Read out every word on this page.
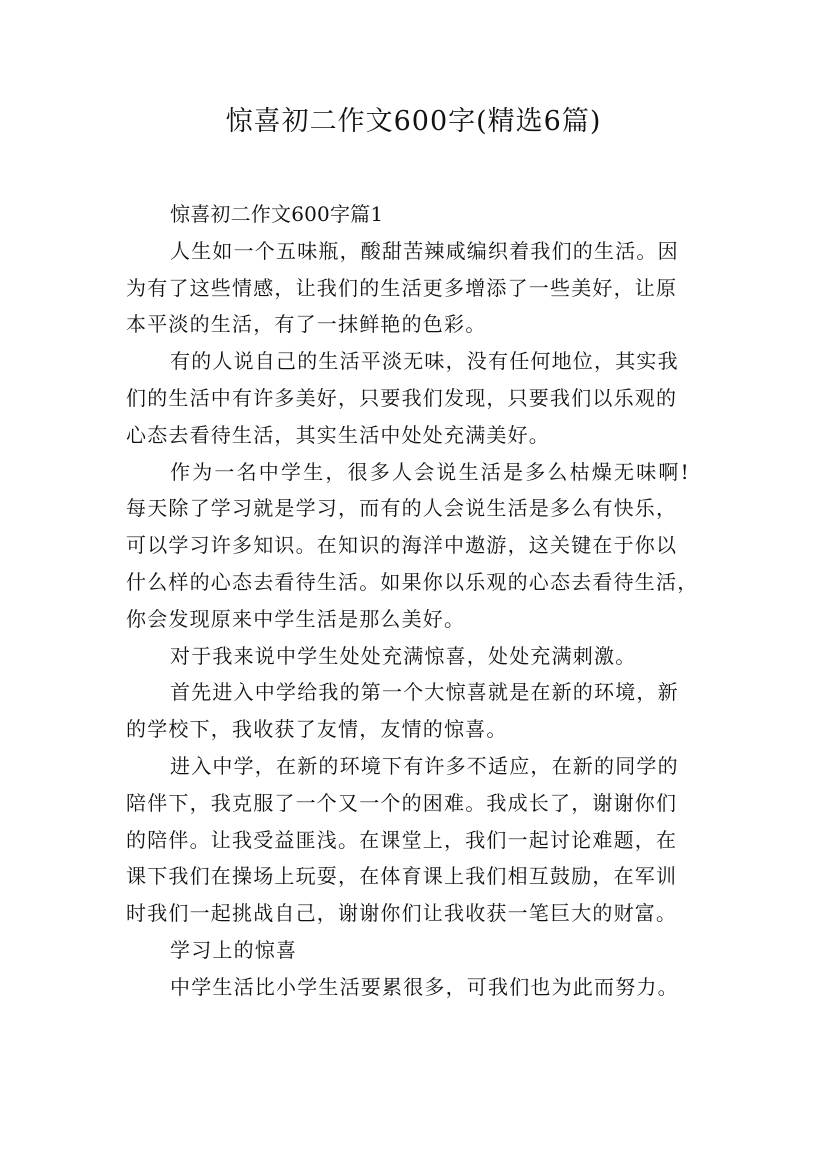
惊喜初二作文600字(精选6篇)
惊喜初二作文600字篇1
人生如一个五味瓶，酸甜苦辣咸编织着我们的生活。因
为有了这些情感，让我们的生活更多增添了一些美好，让原
本平淡的生活，有了一抹鲜艳的色彩。
有的人说自己的生活平淡无味，没有任何地位，其实我
们的生活中有许多美好，只要我们发现，只要我们以乐观的
心态去看待生活，其实生活中处处充满美好。
作为一名中学生，很多人会说生活是多么枯燥无味啊!
每天除了学习就是学习，而有的人会说生活是多么有快乐，
可以学习许多知识。在知识的海洋中遨游，这关键在于你以
什么样的心态去看待生活。如果你以乐观的心态去看待生活，
你会发现原来中学生活是那么美好。
对于我来说中学生处处充满惊喜，处处充满刺激。
首先进入中学给我的第一个大惊喜就是在新的环境，新
的学校下，我收获了友情，友情的惊喜。
进入中学，在新的环境下有许多不适应，在新的同学的
陪伴下，我克服了一个又一个的困难。我成长了，谢谢你们
的陪伴。让我受益匪浅。在课堂上，我们一起讨论难题，在
课下我们在操场上玩耍，在体育课上我们相互鼓励，在军训
时我们一起挑战自己，谢谢你们让我收获一笔巨大的财富。
学习上的惊喜
中学生活比小学生活要累很多，可我们也为此而努力。
